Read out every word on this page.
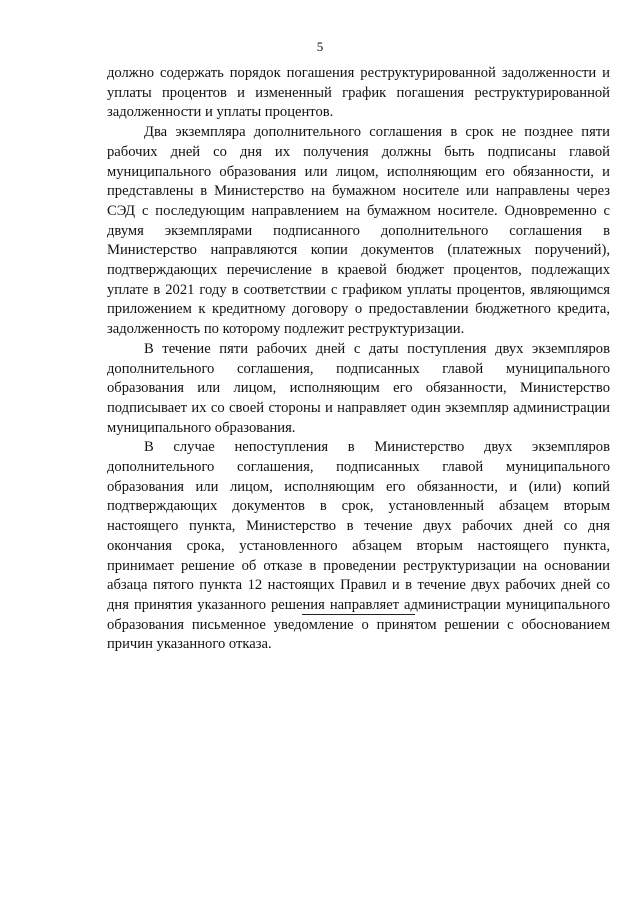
5

должно содержать порядок погашения реструктурированной задолженности и уплаты процентов и измененный график погашения реструктурированной задолженности и уплаты процентов.

Два экземпляра дополнительного соглашения в срок не позднее пяти рабочих дней со дня их получения должны быть подписаны главой муниципального образования или лицом, исполняющим его обязанности, и представлены в Министерство на бумажном носителе или направлены через СЭД с последующим направлением на бумажном носителе. Одновременно с двумя экземплярами подписанного дополнительного соглашения в Министерство направляются копии документов (платежных поручений), подтверждающих перечисление в краевой бюджет процентов, подлежащих уплате в 2021 году в соответствии с графиком уплаты процентов, являющимся приложением к кредитному договору о предоставлении бюджетного кредита, задолженность по которому подлежит реструктуризации.

В течение пяти рабочих дней с даты поступления двух экземпляров дополнительного соглашения, подписанных главой муниципального образования или лицом, исполняющим его обязанности, Министерство подписывает их со своей стороны и направляет один экземпляр администрации муниципального образования.

В случае непоступления в Министерство двух экземпляров дополнительного соглашения, подписанных главой муниципального образования или лицом, исполняющим его обязанности, и (или) копий подтверждающих документов в срок, установленный абзацем вторым настоящего пункта, Министерство в течение двух рабочих дней со дня окончания срока, установленного абзацем вторым настоящего пункта, принимает решение об отказе в проведении реструктуризации на основании абзаца пятого пункта 12 настоящих Правил и в течение двух рабочих дней со дня принятия указанного решения направляет администрации муниципального образования письменное уведомление о принятом решении с обоснованием причин указанного отказа.
